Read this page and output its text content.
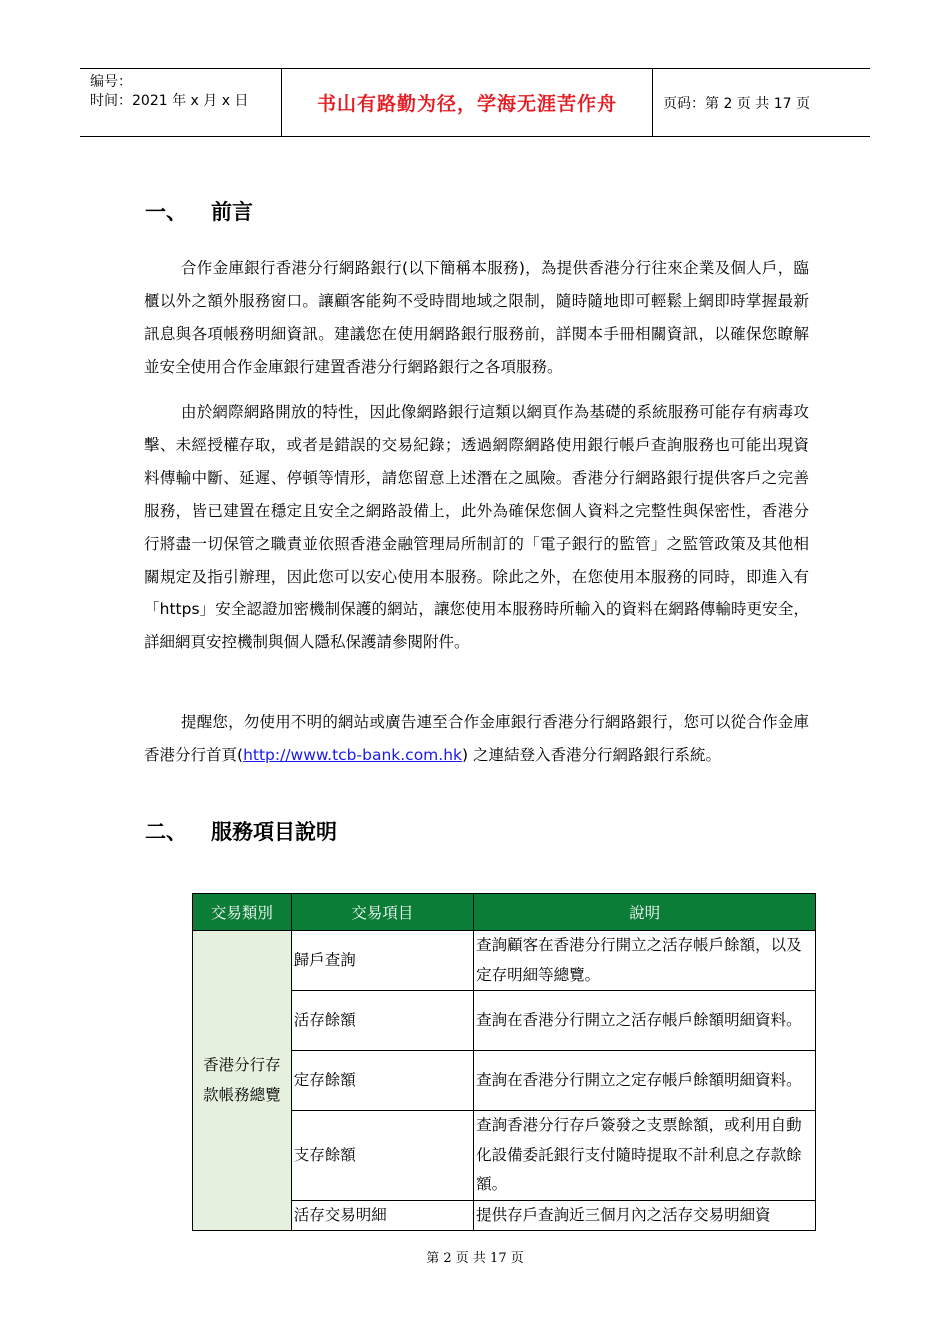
编号：
时间：2021 年 x 月 x 日	书山有路勤为径，学海无涯苦作舟	页码：第 2 页 共 17 页
一、 前言

合作金庫銀行香港分行網路銀行(以下簡稱本服務)，為提供香港分行往來企業及個人戶，臨櫃以外之額外服務窗口。讓顧客能夠不受時間地域之限制，隨時隨地即可輕鬆上網即時掌握最新訊息與各項帳務明細資訊。建議您在使用網路銀行服務前，詳閱本手冊相關資訊，以確保您瞭解並安全使用合作金庫銀行建置香港分行網路銀行之各項服務。

由於網際網路開放的特性，因此像網路銀行這類以網頁作為基礎的系統服務可能存有病毒攻擊、未經授權存取，或者是錯誤的交易紀錄；透過網際網路使用銀行帳戶查詢服務也可能出現資料傳輸中斷、延遲、停頓等情形，請您留意上述潛在之風險。香港分行網路銀行提供客戶之完善服務，皆已建置在穩定且安全之網路設備上，此外為確保您個人資料之完整性與保密性，香港分行將盡一切保管之職責並依照香港金融管理局所制訂的「電子銀行的監管」之監管政策及其他相關規定及指引辦理，因此您可以安心使用本服務。除此之外，在您使用本服務的同時，即進入有「https」安全認證加密機制保護的網站，讓您使用本服務時所輸入的資料在網路傳輸時更安全，詳細網頁安控機制與個人隱私保護請參閱附件。

提醒您，勿使用不明的網站或廣告連至合作金庫銀行香港分行網路銀行，您可以從合作金庫香港分行首頁(http://www.tcb-bank.com.hk) 之連結登入香港分行網路銀行系統。

二、 服務項目說明
交易類別	交易項目	說明

香港分行存
款帳務總覽	歸戶查詢	查詢顧客在香港分行開立之活存帳戶餘額，以及定存明細等總覽。
	活存餘額	查詢在香港分行開立之活存帳戶餘額明細資料。
	定存餘額	查詢在香港分行開立之定存帳戶餘額明細資料。
	支存餘額	查詢香港分行存戶簽發之支票餘額，或利用自動化設備委託銀行支付隨時提取不計利息之存款餘額。
	活存交易明細	提供存戶查詢近三個月內之活存交易明細資
第 2 页 共 17 页
